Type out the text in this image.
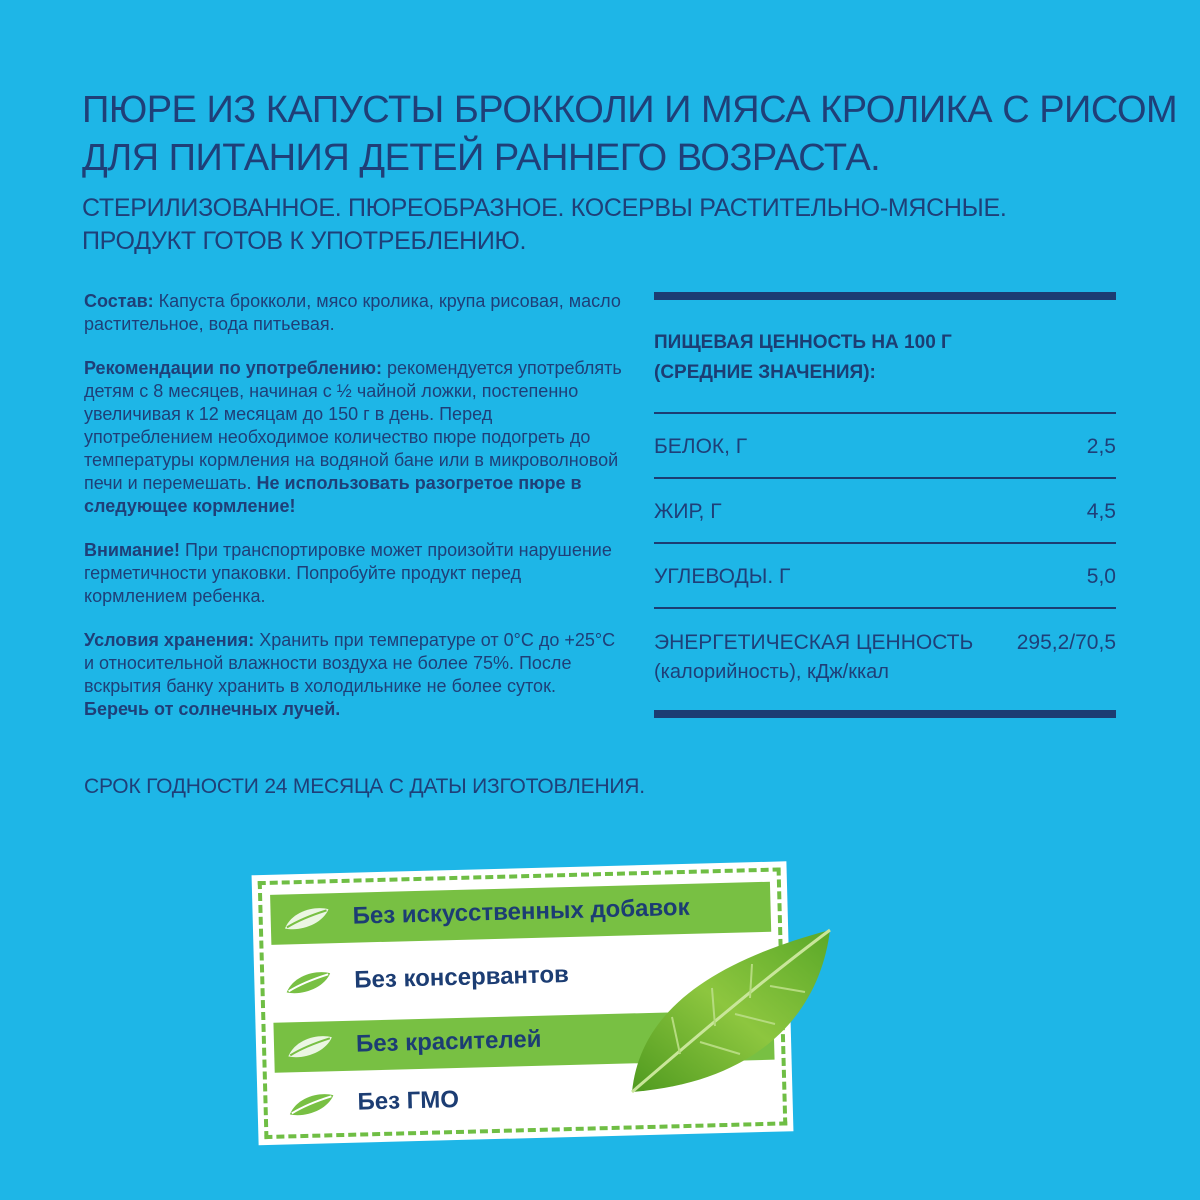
ПЮРЕ ИЗ КАПУСТЫ БРОККОЛИ И МЯСА КРОЛИКА С РИСОМ
ДЛЯ ПИТАНИЯ ДЕТЕЙ РАННЕГО ВОЗРАСТА.
СТЕРИЛИЗОВАННОЕ. ПЮРЕОБРАЗНОЕ. КОСЕРВЫ РАСТИТЕЛЬНО-МЯСНЫЕ.
ПРОДУКТ ГОТОВ К УПОТРЕБЛЕНИЮ.

Состав: Капуста брокколи, мясо кролика, крупа рисовая, масло растительное, вода питьевая.

Рекомендации по употреблению: рекомендуется употреблять детям с 8 месяцев, начиная с ½ чайной ложки, постепенно увеличивая к 12 месяцам до 150 г в день. Перед употреблением необходимое количество пюре подогреть до температуры кормления на водяной бане или в микроволновой печи и перемешать. Не использовать разогретое пюре в следующее кормление!

Внимание! При транспортировке может произойти нарушение герметичности упаковки. Попробуйте продукт перед кормлением ребенка.

Условия хранения: Хранить при температуре от 0°C до +25°C и относительной влажности воздуха не более 75%. После вскрытия банку хранить в холодильнике не более суток.
Беречь от солнечных лучей.

СРОК ГОДНОСТИ 24 МЕСЯЦА С ДАТЫ ИЗГОТОВЛЕНИЯ.
ПИЩЕВАЯ ЦЕННОСТЬ НА 100 Г
(СРЕДНИЕ ЗНАЧЕНИЯ):
БЕЛОК, Г	2,5
ЖИР, Г	4,5
УГЛЕВОДЫ. Г	5,0
ЭНЕРГЕТИЧЕСКАЯ ЦЕННОСТЬ
(калорийность), кДж/ккал
295,2/70,5
Без искусственных добавок
Без консервантов
Без красителей
Без ГМО
